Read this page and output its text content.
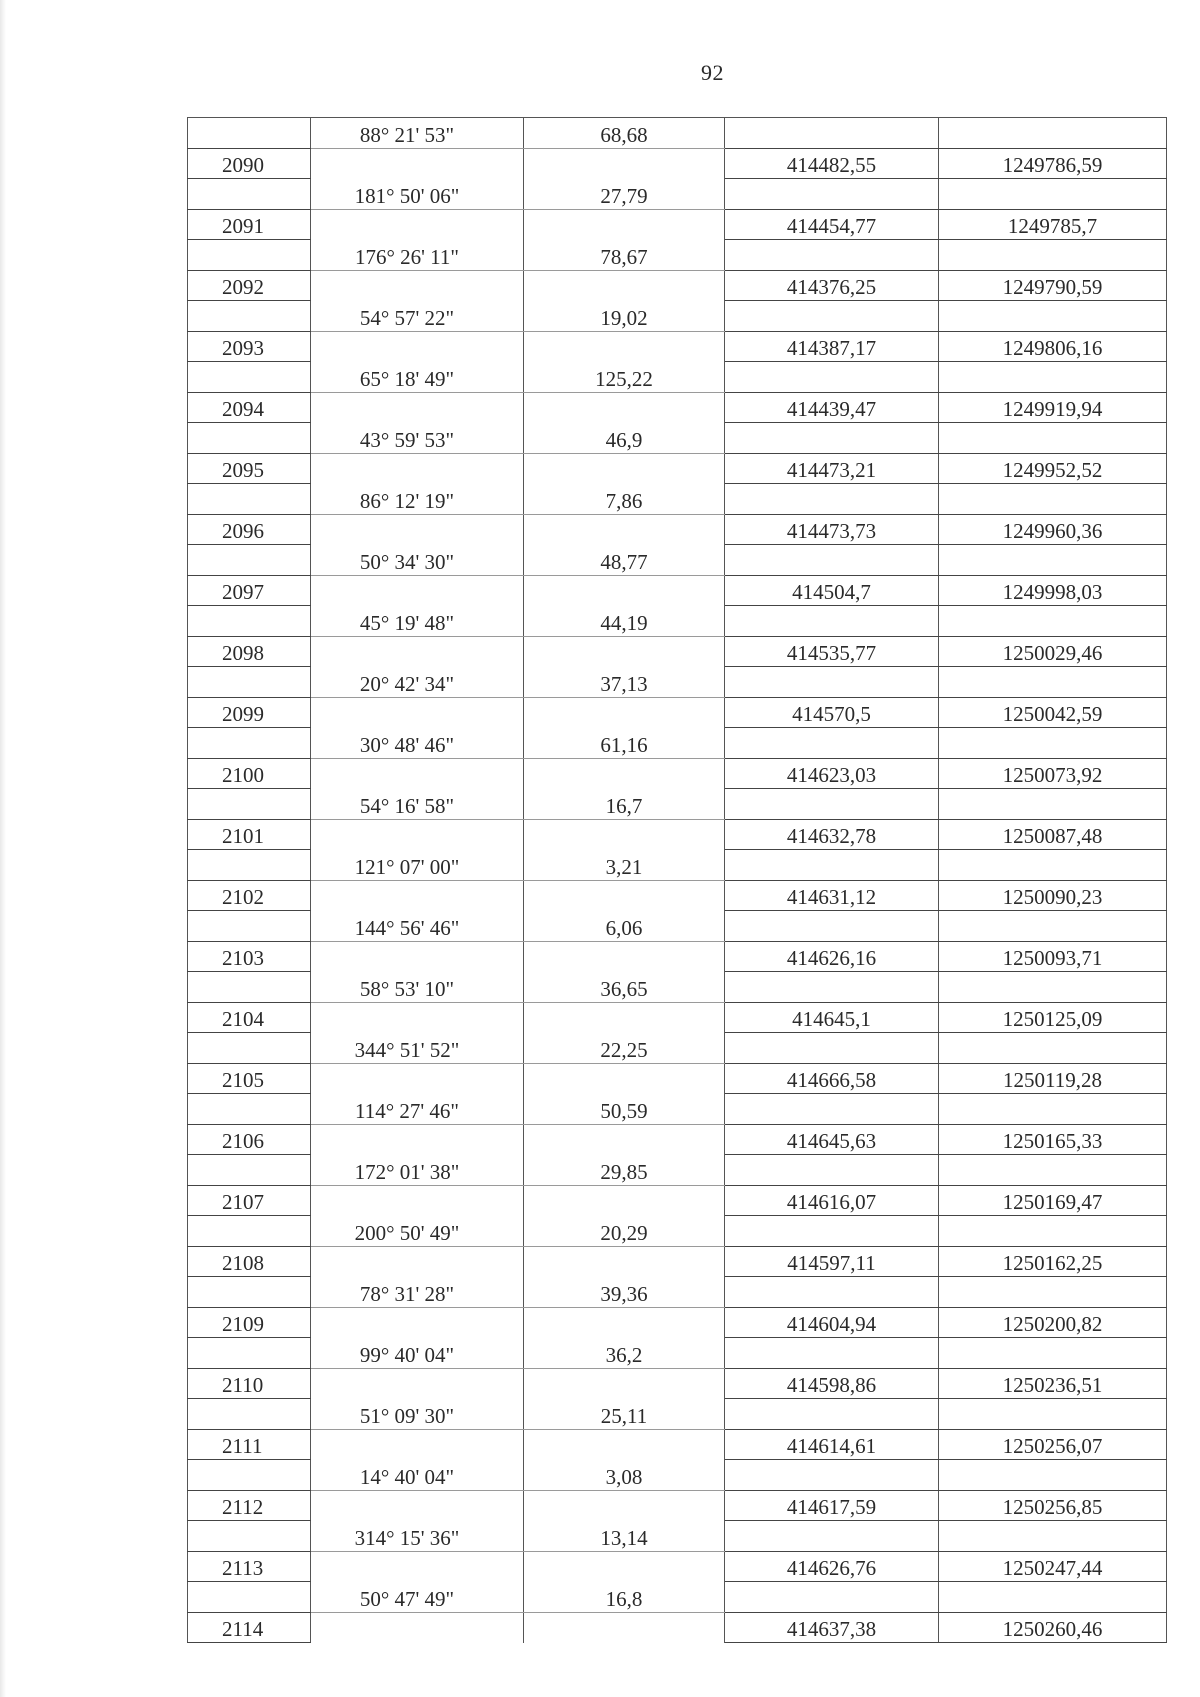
92
	88° 21' 53"	68,68		
2090			414482,55	1249786,59
	181° 50' 06"	27,79		
2091			414454,77	1249785,7
	176° 26' 11"	78,67		
2092			414376,25	1249790,59
	54° 57' 22"	19,02		
2093			414387,17	1249806,16
	65° 18' 49"	125,22		
2094			414439,47	1249919,94
	43° 59' 53"	46,9		
2095			414473,21	1249952,52
	86° 12' 19"	7,86		
2096			414473,73	1249960,36
	50° 34' 30"	48,77		
2097			414504,7	1249998,03
	45° 19' 48"	44,19		
2098			414535,77	1250029,46
	20° 42' 34"	37,13		
2099			414570,5	1250042,59
	30° 48' 46"	61,16		
2100			414623,03	1250073,92
	54° 16' 58"	16,7		
2101			414632,78	1250087,48
	121° 07' 00"	3,21		
2102			414631,12	1250090,23
	144° 56' 46"	6,06		
2103			414626,16	1250093,71
	58° 53' 10"	36,65		
2104			414645,1	1250125,09
	344° 51' 52"	22,25		
2105			414666,58	1250119,28
	114° 27' 46"	50,59		
2106			414645,63	1250165,33
	172° 01' 38"	29,85		
2107			414616,07	1250169,47
	200° 50' 49"	20,29		
2108			414597,11	1250162,25
	78° 31' 28"	39,36		
2109			414604,94	1250200,82
	99° 40' 04"	36,2		
2110			414598,86	1250236,51
	51° 09' 30"	25,11		
2111			414614,61	1250256,07
	14° 40' 04"	3,08		
2112			414617,59	1250256,85
	314° 15' 36"	13,14		
2113			414626,76	1250247,44
	50° 47' 49"	16,8		
2114			414637,38	1250260,46
